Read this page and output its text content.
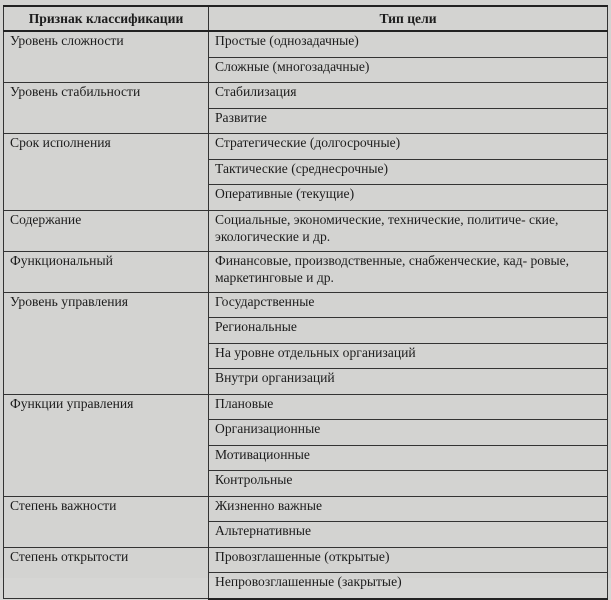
Признак классификации	Тип цели
Уровень сложности	Простые (однозадачные)
	Сложные (многозадачные)
Уровень стабильности	Стабилизация
	Развитие
Срок исполнения	Стратегические (долгосрочные)
	Тактические (среднесрочные)
	Оперативные (текущие)
Содержание	Социальные, экономические, технические, политиче- ские, экологические и др.
Функциональный	Финансовые, производственные, снабженческие, кад- ровые, маркетинговые и др.
Уровень управления	Государственные
	Региональные
	На уровне отдельных организаций
	Внутри организаций
Функции управления	Плановые
	Организационные
	Мотивационные
	Контрольные
Степень важности	Жизненно важные
	Альтернативные
Степень открытости	Провозглашенные (открытые)
	Непровозглашенные (закрытые)
